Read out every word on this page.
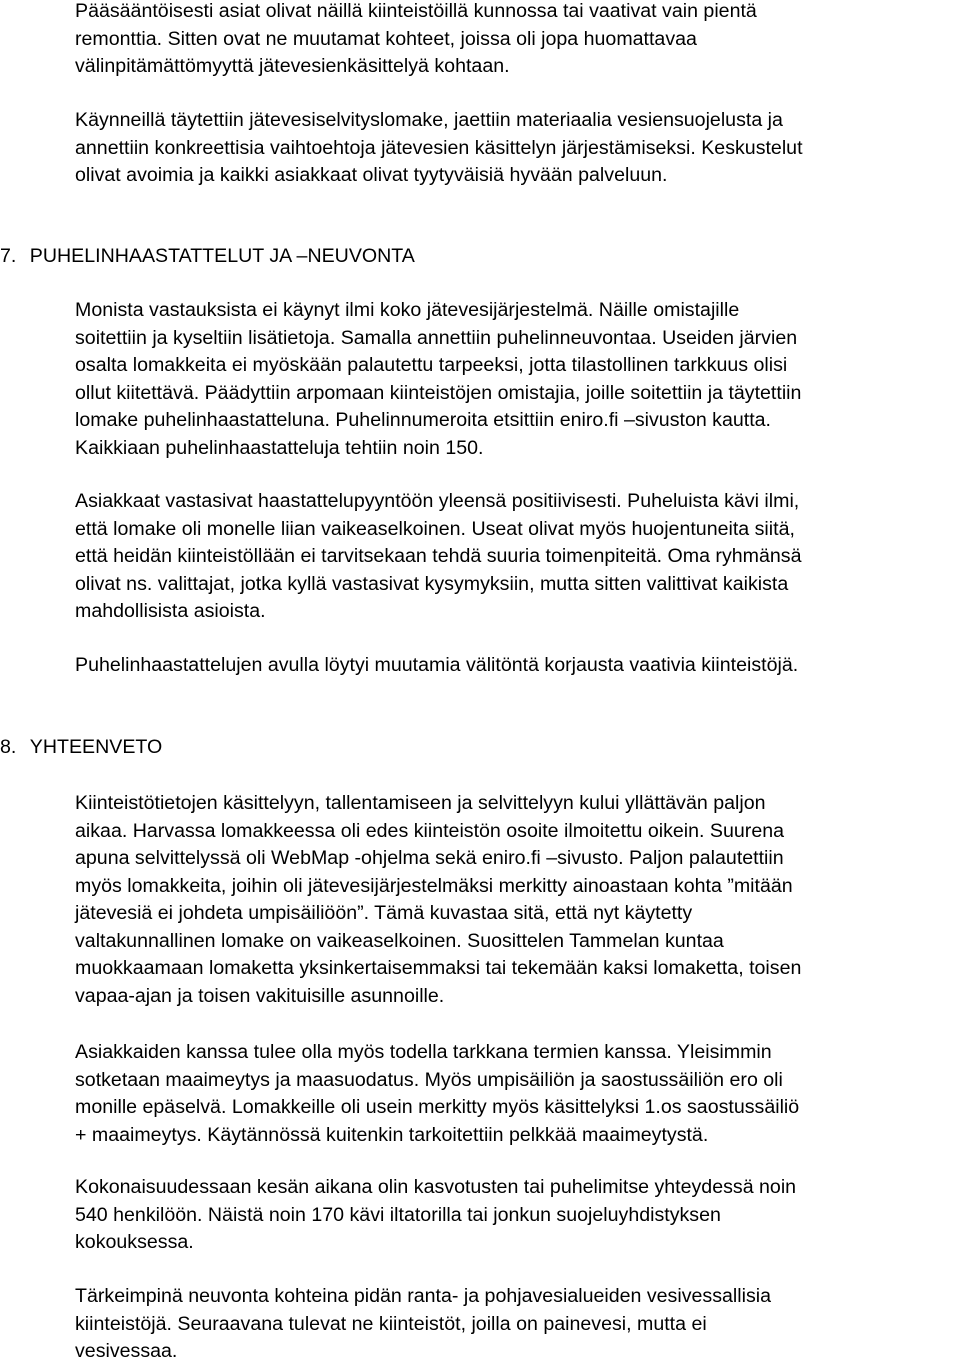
Pääsääntöisesti asiat olivat näillä kiinteistöillä kunnossa tai vaativat vain pientä
remonttia. Sitten ovat ne muutamat kohteet, joissa oli jopa huomattavaa
välinpitämättömyyttä jätevesienkäsittelyä kohtaan.
Käynneillä täytettiin jätevesiselvityslomake, jaettiin materiaalia vesiensuojelusta ja
annettiin konkreettisia vaihtoehtoja jätevesien käsittelyn järjestämiseksi. Keskustelut
olivat avoimia ja kaikki asiakkaat olivat tyytyväisiä hyvään palveluun.
7. PUHELINHAASTATTELUT JA –NEUVONTA
Monista vastauksista ei käynyt ilmi koko jätevesijärjestelmä. Näille omistajille
soitettiin ja kyseltiin lisätietoja. Samalla annettiin puhelinneuvontaa. Useiden järvien
osalta lomakkeita ei myöskään palautettu tarpeeksi, jotta tilastollinen tarkkuus olisi
ollut kiitettävä. Päädyttiin arpomaan kiinteistöjen omistajia, joille soitettiin ja täytettiin
lomake puhelinhaastatteluna. Puhelinnumeroita etsittiin eniro.fi –sivuston kautta.
Kaikkiaan puhelinhaastatteluja tehtiin noin 150.
Asiakkaat vastasivat haastattelupyyntöön yleensä positiivisesti. Puheluista kävi ilmi,
että lomake oli monelle liian vaikeaselkoinen. Useat olivat myös huojentuneita siitä,
että heidän kiinteistöllään ei tarvitsekaan tehdä suuria toimenpiteitä. Oma ryhmänsä
olivat ns. valittajat, jotka kyllä vastasivat kysymyksiin, mutta sitten valittivat kaikista
mahdollisista asioista.
Puhelinhaastattelujen avulla löytyi muutamia välitöntä korjausta vaativia kiinteistöjä.
8. YHTEENVETO
Kiinteistötietojen käsittelyyn, tallentamiseen ja selvittelyyn kului yllättävän paljon
aikaa. Harvassa lomakkeessa oli edes kiinteistön osoite ilmoitettu oikein. Suurena
apuna selvittelyssä oli WebMap -ohjelma sekä eniro.fi –sivusto. Paljon palautettiin
myös lomakkeita, joihin oli jätevesijärjestelmäksi merkitty ainoastaan kohta ”mitään
jätevesiä ei johdeta umpisäiliöön”. Tämä kuvastaa sitä, että nyt käytetty
valtakunnallinen lomake on vaikeaselkoinen. Suosittelen Tammelan kuntaa
muokkaamaan lomaketta yksinkertaisemmaksi tai tekemään kaksi lomaketta, toisen
vapaa-ajan ja toisen vakituisille asunnoille.
Asiakkaiden kanssa tulee olla myös todella tarkkana termien kanssa. Yleisimmin
sotketaan maaimeytys ja maasuodatus. Myös umpisäiliön ja saostussäiliön ero oli
monille epäselvä. Lomakkeille oli usein merkitty myös käsittelyksi 1.os saostussäiliö
+ maaimeytys. Käytännössä kuitenkin tarkoitettiin pelkkää maaimeytystä.
Kokonaisuudessaan kesän aikana olin kasvotusten tai puhelimitse yhteydessä noin
540 henkilöön. Näistä noin 170 kävi iltatorilla tai jonkun suojeluyhdistyksen
kokouksessa.
Tärkeimpinä neuvonta kohteina pidän ranta- ja pohjavesialueiden vesivessallisia
kiinteistöjä. Seuraavana tulevat ne kiinteistöt, joilla on painevesi, mutta ei
vesivessaa.
